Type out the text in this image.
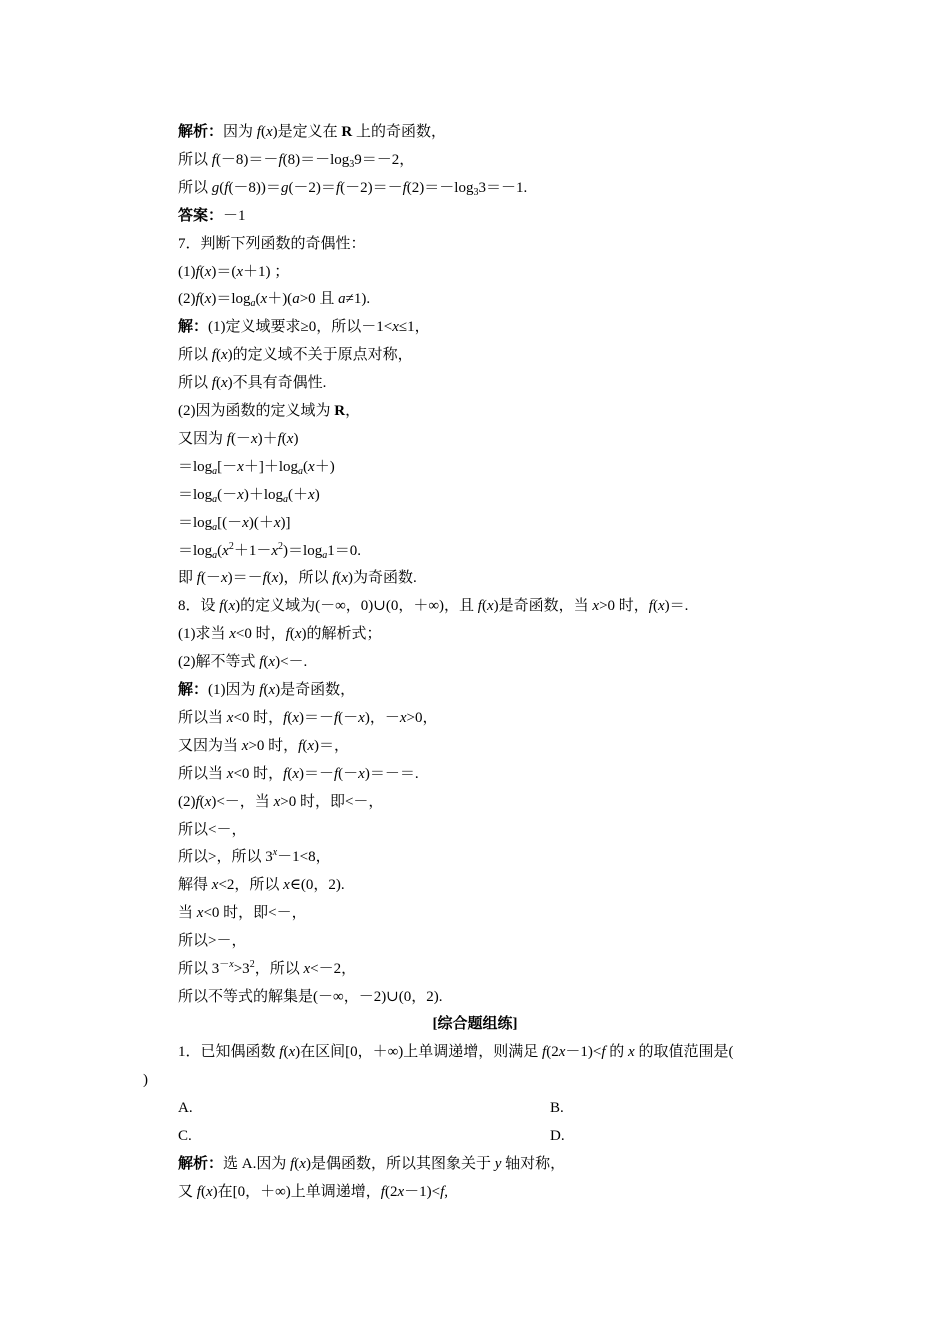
解析：因为 f(x)是定义在 R 上的奇函数，
所以 $f(-8)=-f(8)=-\log_39=-2$，
所以 $g(f(-8))=g(-2)=f(-2)=-f(2)=-\log_33=-1$.
答案：－1
7．判断下列函数的奇偶性：
(1)f(x)＝(x＋1) ；
$(2)f(x)=\log_a(x+)(a>0$ 且 a≠1).
解：(1)定义域要求≥0，所以－1<x≤1，
所以 f(x)的定义域不关于原点对称，
所以 f(x)不具有奇偶性.
(2)因为函数的定义域为 R，
又因为 f(－x)＋f(x)
$=\log_a[-x+]+\log_a(x+)$
$=\log_a(-x)+\log_a(+x)$
$=\log_a[(-x)(+x)]$
$=\log_a(x^2+1-x^2)=\log_a1=0$.
即 f(－x)＝－f(x)，所以 f(x)为奇函数.
8．设 f(x)的定义域为(－∞，0)∪(0，＋∞)，且 f(x)是奇函数，当 x>0 时，f(x)＝.
(1)求当 x<0 时，f(x)的解析式；
(2)解不等式 f(x)<－.
解：(1)因为 f(x)是奇函数，
所以当 x<0 时，f(x)＝－f(－x)，－x>0，
又因为当 x>0 时，f(x)＝，
所以当 x<0 时，f(x)＝－f(－x)＝－＝.
(2)f(x)<－，当 x>0 时，即<－，
所以<－，
所以>，所以 $3^x-1<8$，
解得 x<2，所以 x∈(0，2).
当 x<0 时，即<－，
所以>－，
所以 $3^{-x}>3^2$，所以 x<－2，
所以不等式的解集是(－∞，－2)∪(0，2).
[综合题组练]
1．已知偶函数 f(x)在区间[0，＋∞)上单调递增，则满足 f(2x－1)<f 的 x 的取值范围是(
)
A.	B.
C.	D.
解析：选 A.因为 f(x)是偶函数，所以其图象关于 y 轴对称，
又 f(x)在[0，＋∞)上单调递增，f(2x－1)<f,
